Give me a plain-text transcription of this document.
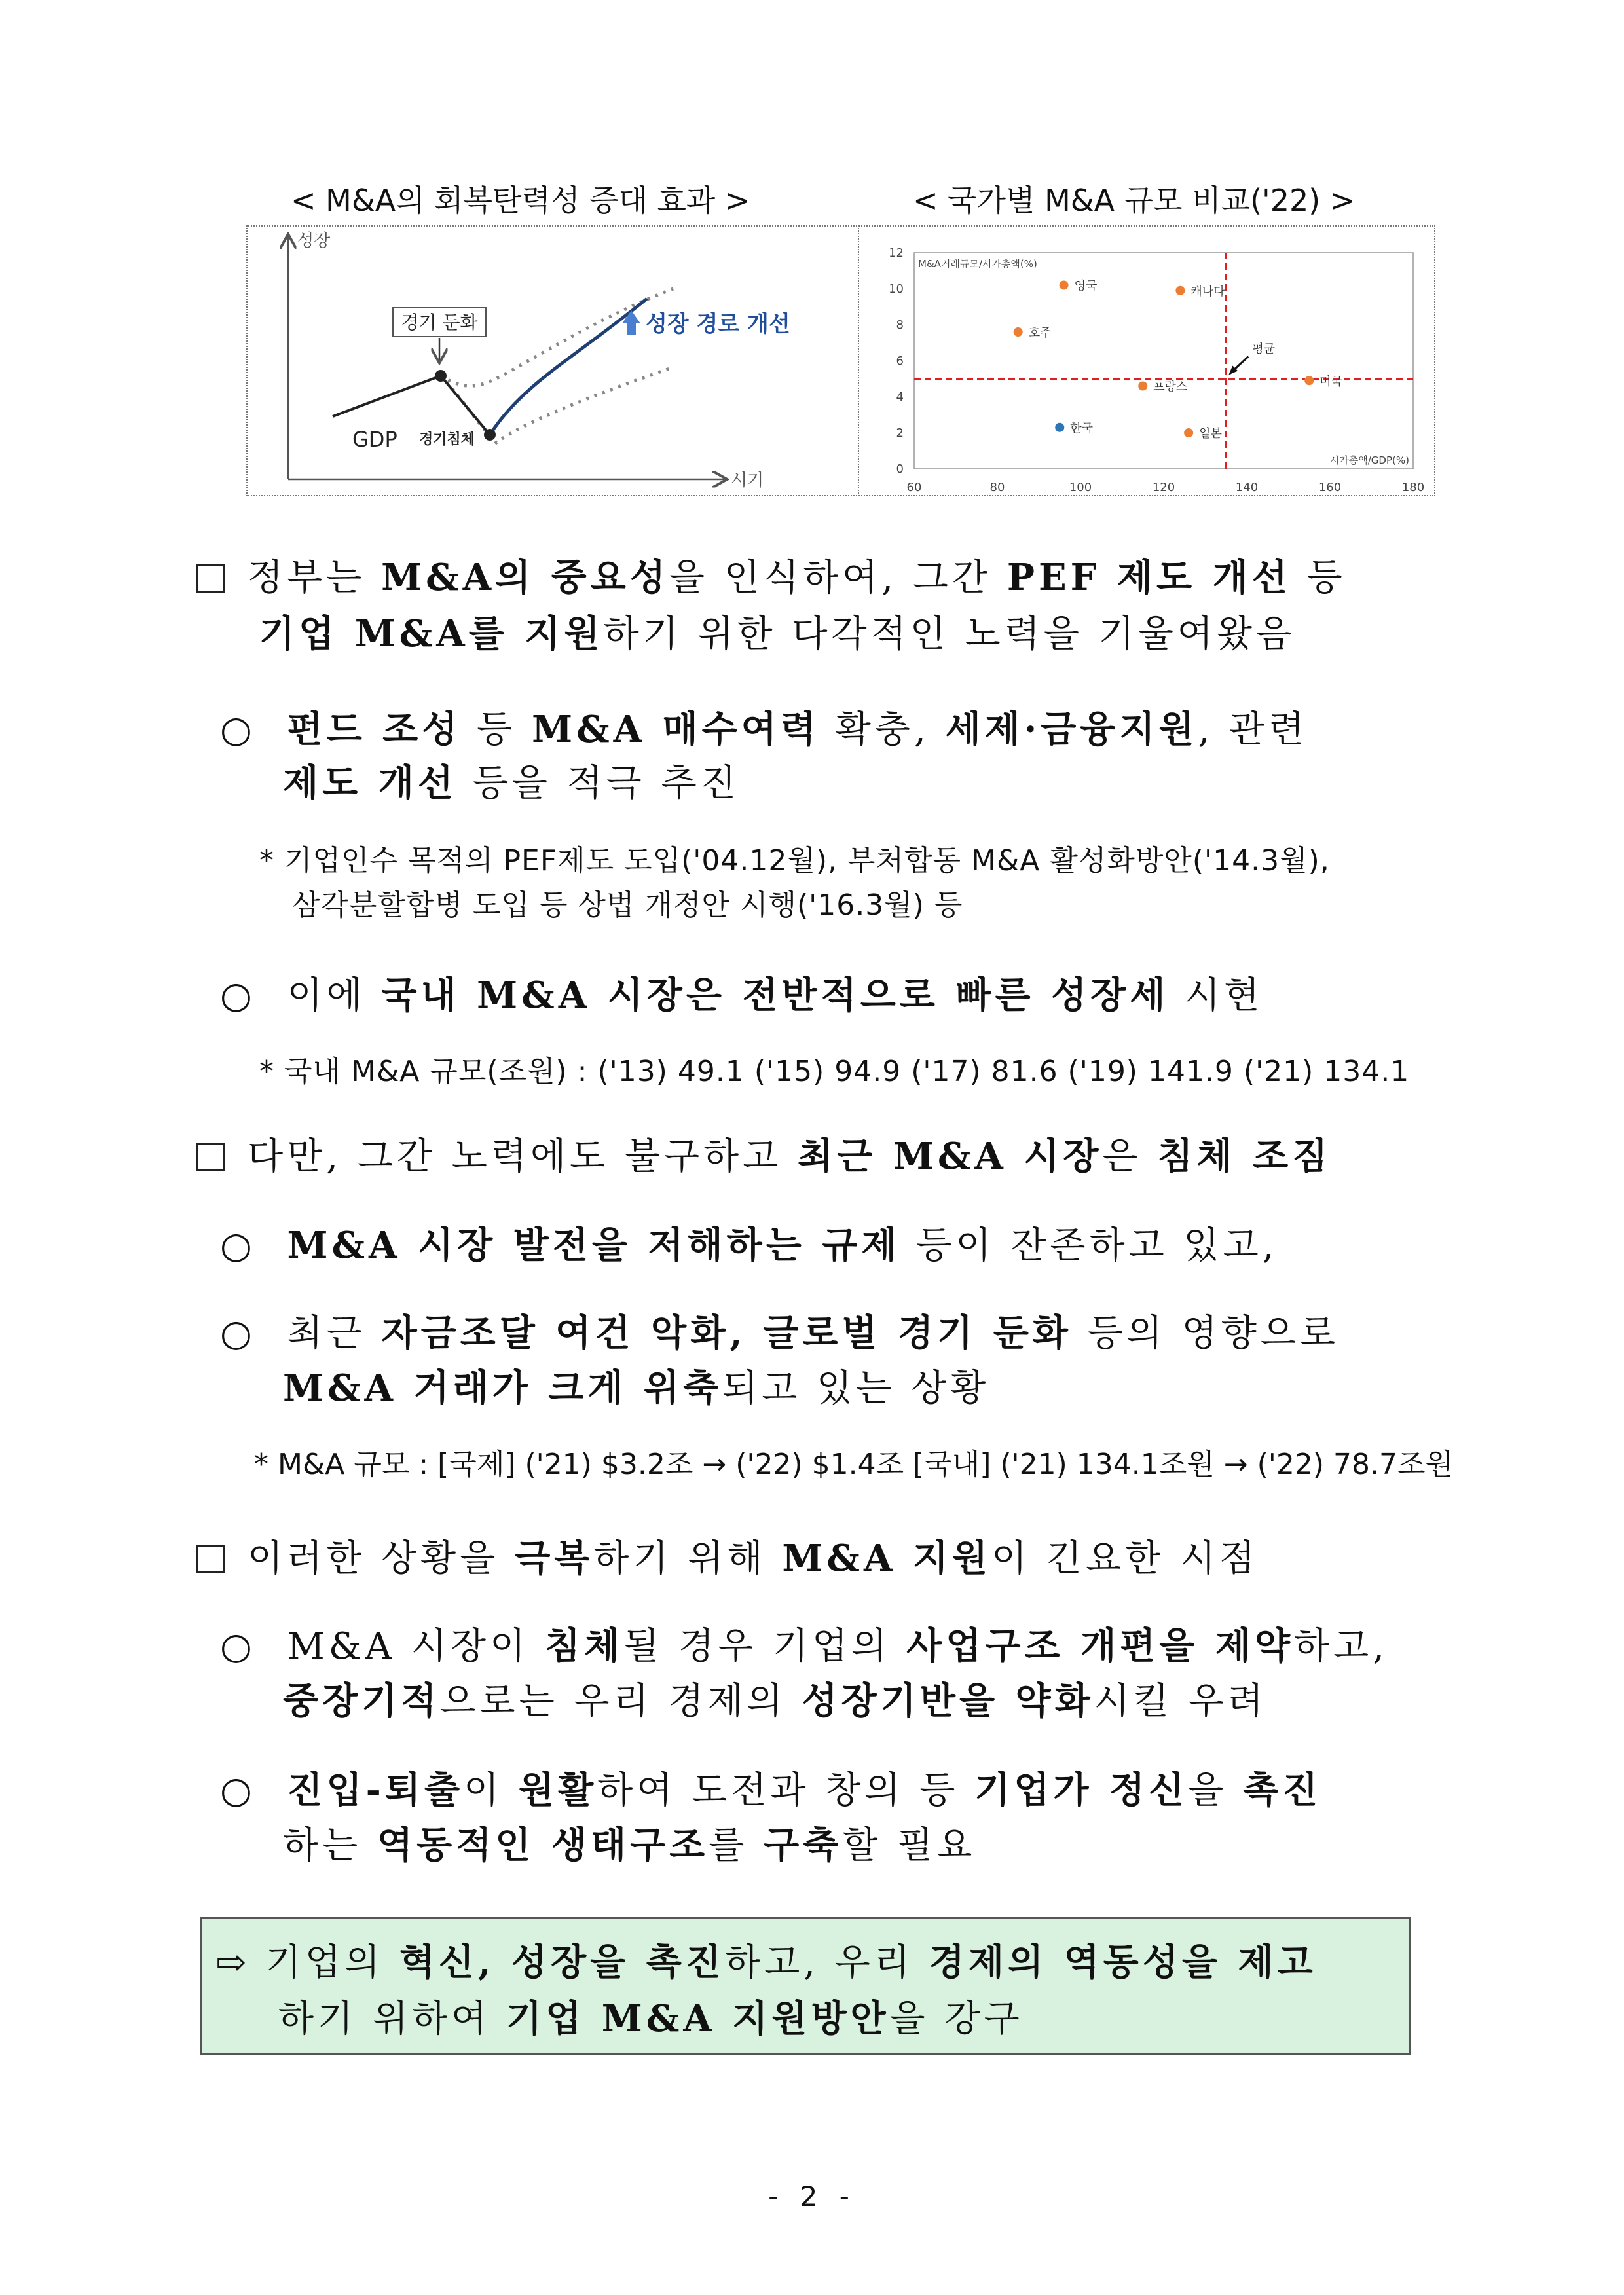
< M&A의 회복탄력성 증대 효과 >	< 국가별 M&A 규모 비교('22) >
성장
시기
경기 둔화	성장 경로 개선
GDP 경기침체
0
2
4
6
8
10
12
60	80	100	120	140	160	180
M&A거래규모/시가총액(%)
시가총액/GDP(%)
평균
영국	캐나다
호주
프랑스	미국
한국	일본
정부는 M&A의 중요성을 인식하여, 그간 PEF 제도 개선 등
기업 M&A를 지원하기 위한 다각적인 노력을 기울여왔음
○ 펀드 조성 등 M&A 매수여력 확충, 세제·금융지원, 관련
제도 개선 등을 적극 추진
* 기업인수 목적의 PEF제도 도입('04.12월), 부처합동 M&A 활성화방안('14.3월),
삼각분할합병 도입 등 상법 개정안 시행('16.3월) 등
○ 이에 국내 M&A 시장은 전반적으로 빠른 성장세 시현
* 국내 M&A 규모(조원) : ('13) 49.1 ('15) 94.9 ('17) 81.6 ('19) 141.9 ('21) 134.1
다만, 그간 노력에도 불구하고 최근 M&A 시장은 침체 조짐
○ M&A 시장 발전을 저해하는 규제 등이 잔존하고 있고,
○ 최근 자금조달 여건 악화, 글로벌 경기 둔화 등의 영향으로
M&A 거래가 크게 위축되고 있는 상황
* M&A 규모 : [국제] ('21) $3.2조 → ('22) $1.4조 [국내] ('21) 134.1조원 → ('22) 78.7조원
이러한 상황을 극복하기 위해 M&A 지원이 긴요한 시점
○ M&A 시장이 침체될 경우 기업의 사업구조 개편을 제약하고,
중장기적으로는 우리 경제의 성장기반을 약화시킬 우려
○ 진입-퇴출이 원활하여 도전과 창의 등 기업가 정신을 촉진
하는 역동적인 생태구조를 구축할 필요
⇨ 기업의 혁신, 성장을 촉진하고, 우리 경제의 역동성을 제고
하기 위하여 기업 M&A 지원방안을 강구
- 2 -
